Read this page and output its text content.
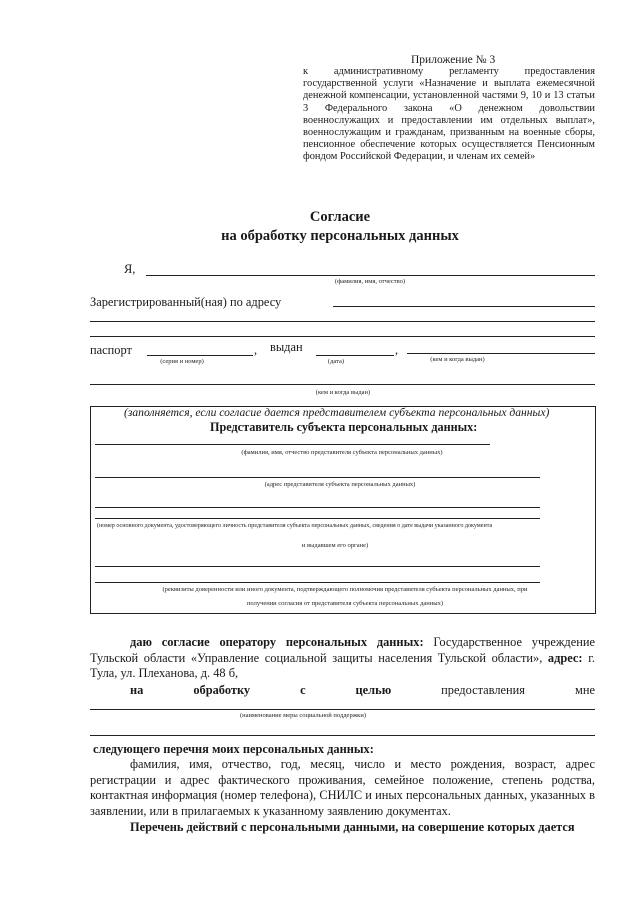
Приложение № 3
к административному регламенту предоставления государственной услуги «Назначение и выплата ежемесячной денежной компенсации, установленной частями 9, 10 и 13 статьи 3 Федерального закона «О денежном довольствии военнослужащих и предоставлении им отдельных выплат», военнослужащим и гражданам, призванным на военные сборы, пенсионное обеспечение которых осуществляется Пенсионным фондом Российской Федерации, и членам их семей»
Согласие
на обработку персональных данных
Я,
(фамилия, имя, отчество)
Зарегистрированный(ная) по адресу
паспорт	,
(серия и номер)
выдан	,
(дата)	(кем и когда выдан)
(кем и когда выдан)
(заполняется, если согласие дается представителем субъекта персональных данных)
Представитель субъекта персональных данных:
(фамилия, имя, отчество представителя субъекта персональных данных)
(адрес представителя субъекта персональных данных)
(номер основного документа, удостоверяющего личность представителя субъекта персональных данных, сведения о дате выдачи указанного документа
и выдавшем его органе)
(реквизиты доверенности или иного документа, подтверждающего полномочия представителя субъекта персональных данных, при
получении согласия от представителя субъекта персональных данных)
даю согласие оператору персональных данных: Государственное учреждение Тульской области «Управление социальной защиты населения Тульской области», адрес: г. Тула, ул. Плеханова, д. 48 б,
на	обработку	с	целью	предоставления	мне
(наименование меры социальной поддержки)
следующего перечня моих персональных данных:
фамилия, имя, отчество, год, месяц, число и место рождения, возраст, адрес регистрации и адрес фактического проживания, семейное положение, степень родства, контактная информация (номер телефона), СНИЛС и иных персональных данных, указанных в заявлении, или в прилагаемых к указанному заявлению документах.
Перечень действий с персональными данными, на совершение которых дается
